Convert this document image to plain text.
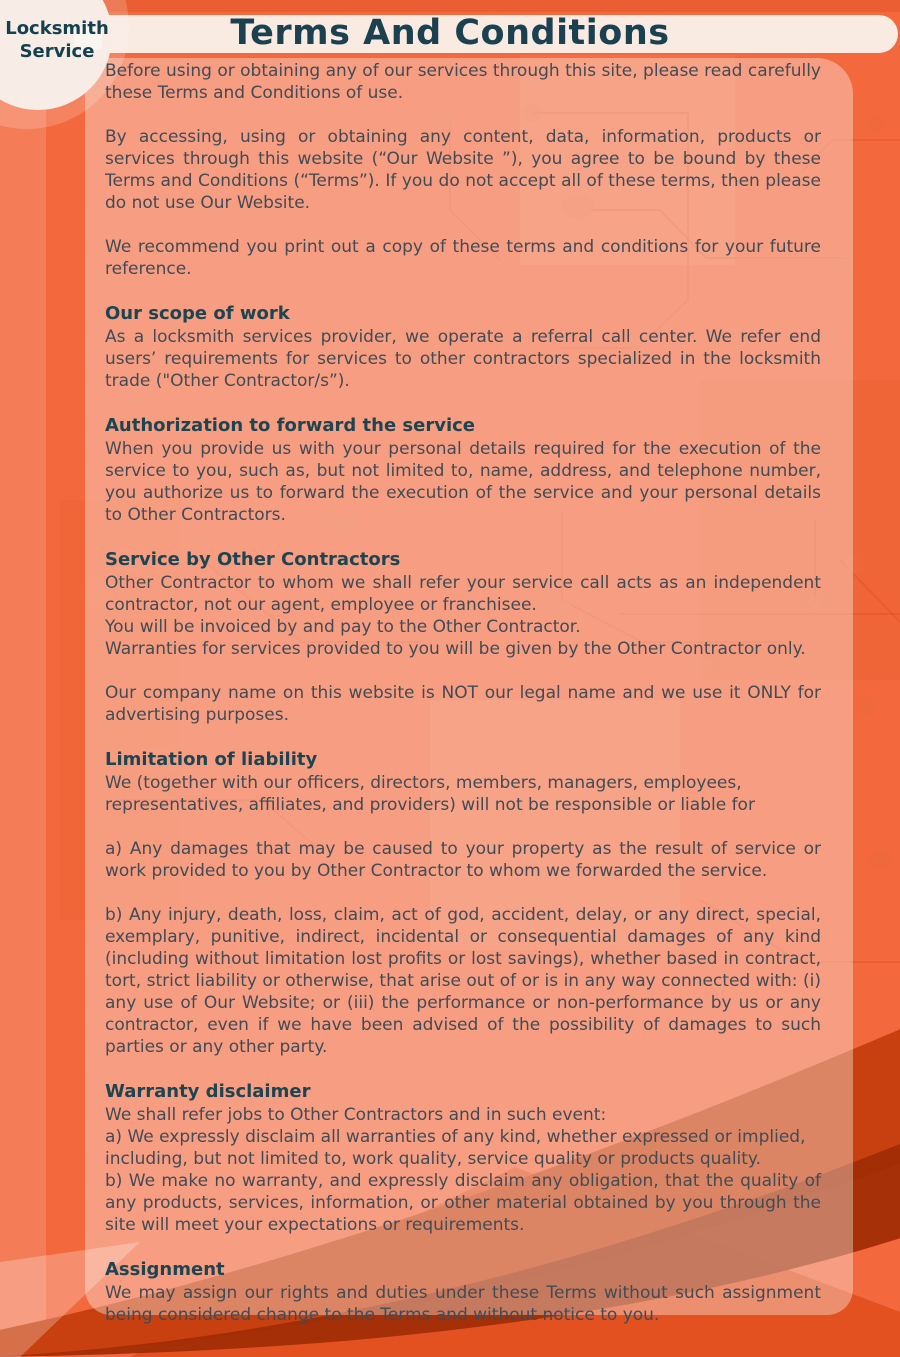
Terms And Conditions
Locksmith
Service

Before using or obtaining any of our services through this site, please read carefully these Terms and Conditions of use.

By accessing, using or obtaining any content, data, information, products or services through this website (“Our Website ”), you agree to be bound by these Terms and Conditions (“Terms”). If you do not accept all of these terms, then please do not use Our Website.

We recommend you print out a copy of these terms and conditions for your future reference.

Our scope of work

As a locksmith services provider, we operate a referral call center. We refer end users’ requirements for services to other contractors specialized in the locksmith trade ("Other Contractor/s”).

Authorization to forward the service

When you provide us with your personal details required for the execution of the service to you, such as, but not limited to, name, address, and telephone number, you authorize us to forward the execution of the service and your personal details to Other Contractors.

Service by Other Contractors

Other Contractor to whom we shall refer your service call acts as an independent contractor, not our agent, employee or franchisee.
You will be invoiced by and pay to the Other Contractor.
Warranties for services provided to you will be given by the Other Contractor only.

Our company name on this website is NOT our legal name and we use it ONLY for advertising purposes.

Limitation of liability

We (together with our officers, directors, members, managers, employees,
representatives, affiliates, and providers) will not be responsible or liable for

a) Any damages that may be caused to your property as the result of service or work provided to you by Other Contractor to whom we forwarded the service.

b) Any injury, death, loss, claim, act of god, accident, delay, or any direct, special, exemplary, punitive, indirect, incidental or consequential damages of any kind (including without limitation lost profits or lost savings), whether based in contract, tort, strict liability or otherwise, that arise out of or is in any way connected with: (i) any use of Our Website; or (iii) the performance or non-performance by us or any contractor, even if we have been advised of the possibility of damages to such parties or any other party.

Warranty disclaimer

We shall refer jobs to Other Contractors and in such event:
a) We expressly disclaim all warranties of any kind, whether expressed or implied,
including, but not limited to, work quality, service quality or products quality.
b) We make no warranty, and expressly disclaim any obligation, that the quality of any products, services, information, or other material obtained by you through the site will meet your expectations or requirements.

Assignment

We may assign our rights and duties under these Terms without such assignment being considered change to the Terms and without notice to you.
